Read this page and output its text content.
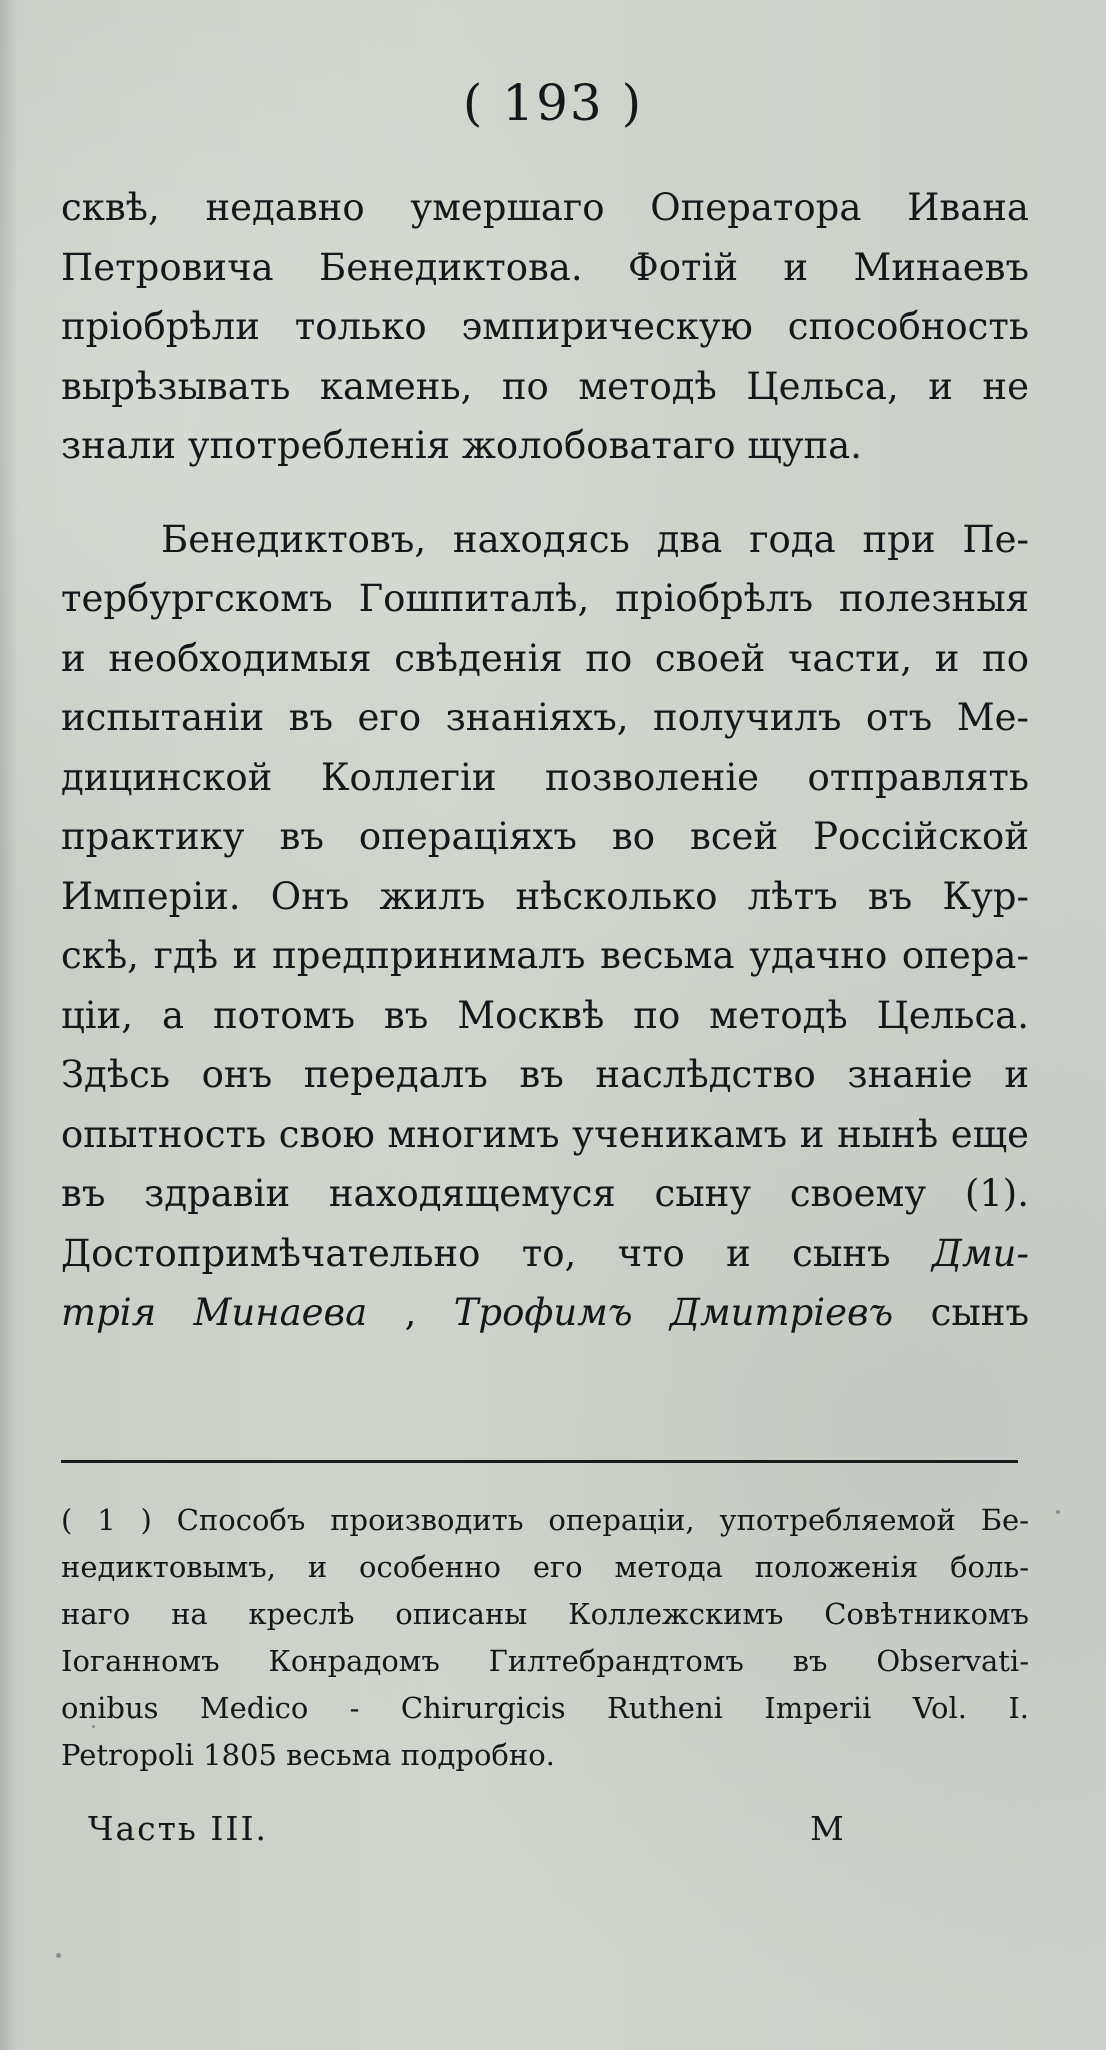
( 193 )
сквѣ, недавно умершаго Оператора Ивана
Петровича Бенедиктова. Фотій и Минаевъ
пріобрѣли только эмпирическую способность
вырѣзывать камень, по методѣ Цельса, и не
знали употребленія жолобоватаго щупа.
Бенедиктовъ, находясь два года при Пе-
тербургскомъ Гошпиталѣ, пріобрѣлъ полезныя
и необходимыя свѣденія по своей части, и по
испытаніи въ его знаніяхъ, получилъ отъ Ме-
дицинской Коллегіи позволеніе отправлять
практику въ операціяхъ во всей Россійской
Имперіи. Онъ жилъ нѣсколько лѣтъ въ Кур-
скѣ, гдѣ и предпринималъ весьма удачно опера-
ціи, а потомъ въ Москвѣ по методѣ Цельса.
Здѣсь онъ передалъ въ наслѣдство знаніе и
опытность свою многимъ ученикамъ и нынѣ еще
въ здравіи находящемуся сыну своему (1).
Достопримѣчательно то, что и сынъ Дми-
трія Минаева , Трофимъ Дмитріевъ сынъ
( 1 ) Способъ производить операціи, употребляемой Бе-
недиктовымъ, и особенно его метода положенія боль-
наго на креслѣ описаны Коллежскимъ Совѣтникомъ
Іоганномъ Конрадомъ Гилтебрандтомъ въ Observati-
onibus Medico - Chirurgicis Rutheni Imperii Vol. I.
Petropoli 1805 весьма подробно.
Часть III.	М
